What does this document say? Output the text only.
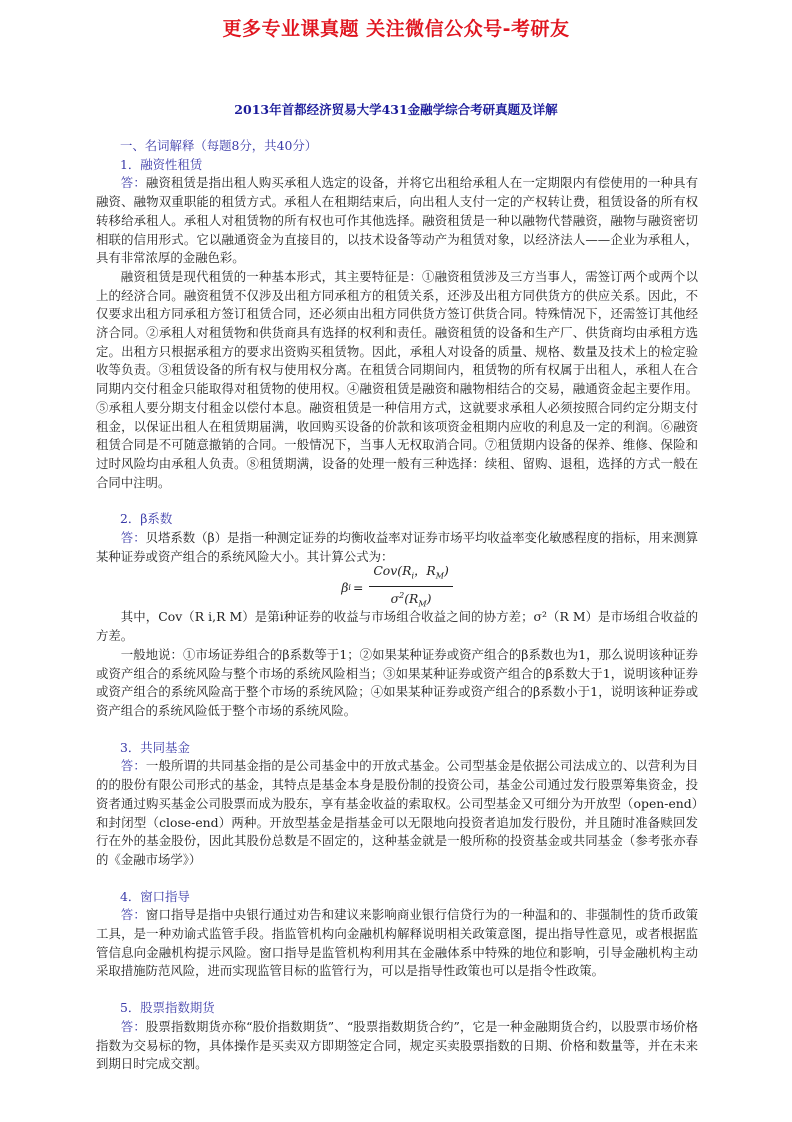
更多专业课真题 关注微信公众号-考研友
2013年首都经济贸易大学431金融学综合考研真题及详解
一、名词解释（每题8分，共40分）
1．融资性租赁

答：融资租赁是指出租人购买承租人选定的设备，并将它出租给承租人在一定期限内有偿使用的一种具有融资、融物双重职能的租赁方式。承租人在租期结束后，向出租人支付一定的产权转让费，租赁设备的所有权转移给承租人。承租人对租赁物的所有权也可作其他选择。融资租赁是一种以融物代替融资，融物与融资密切相联的信用形式。它以融通资金为直接目的，以技术设备等动产为租赁对象，以经济法人——企业为承租人，具有非常浓厚的金融色彩。

融资租赁是现代租赁的一种基本形式，其主要特征是：①融资租赁涉及三方当事人，需签订两个或两个以上的经济合同。融资租赁不仅涉及出租方同承租方的租赁关系，还涉及出租方同供货方的供应关系。因此，不仅要求出租方同承租方签订租赁合同，还必须由出租方同供货方签订供货合同。特殊情况下，还需签订其他经济合同。②承租人对租赁物和供货商具有选择的权利和责任。融资租赁的设备和生产厂、供货商均由承租方选定。出租方只根据承租方的要求出资购买租赁物。因此，承租人对设备的质量、规格、数量及技术上的检定验收等负责。③租赁设备的所有权与使用权分离。在租赁合同期间内，租赁物的所有权属于出租人，承租人在合同期内交付租金只能取得对租赁物的使用权。④融资租赁是融资和融物相结合的交易，融通资金起主要作用。⑤承租人要分期支付租金以偿付本息。融资租赁是一种信用方式，这就要求承租人必须按照合同约定分期支付租金，以保证出租人在租赁期届满，收回购买设备的价款和该项资金租期内应收的利息及一定的利润。⑥融资租赁合同是不可随意撤销的合同。一般情况下，当事人无权取消合同。⑦租赁期内设备的保养、维修、保险和过时风险均由承租人负责。⑧租赁期满，设备的处理一般有三种选择：续租、留购、退租，选择的方式一般在合同中注明。

2．β系数

答：贝塔系数（β）是指一种测定证券的均衡收益率对证券市场平均收益率变化敏感程度的指标，用来测算某种证券或资产组合的系统风险大小。其计算公式为：

β $i = \frac{Cov(R_i,R_M)}{\sigma^2(R_M)}$

其中，Cov（R i,R M）是第i种证券的收益与市场组合收益之间的协方差；σ²（R M）是市场组合收益的方差。

一般地说：①市场证券组合的β系数等于1；②如果某种证券或资产组合的β系数也为1，那么说明该种证券或资产组合的系统风险与整个市场的系统风险相当；③如果某种证券或资产组合的β系数大于1，说明该种证券或资产组合的系统风险高于整个市场的系统风险；④如果某种证券或资产组合的β系数小于1，说明该种证券或资产组合的系统风险低于整个市场的系统风险。

3．共同基金

答：一般所谓的共同基金指的是公司基金中的开放式基金。公司型基金是依据公司法成立的、以营利为目的的股份有限公司形式的基金，其特点是基金本身是股份制的投资公司，基金公司通过发行股票筹集资金，投资者通过购买基金公司股票而成为股东，享有基金收益的索取权。公司型基金又可细分为开放型（open-end）和封闭型（close-end）两种。开放型基金是指基金可以无限地向投资者追加发行股份，并且随时准备赎回发行在外的基金股份，因此其股份总数是不固定的，这种基金就是一般所称的投资基金或共同基金（参考张亦春的《金融市场学》）

4．窗口指导

答：窗口指导是指中央银行通过劝告和建议来影响商业银行信贷行为的一种温和的、非强制性的货币政策工具，是一种劝谕式监管手段。指监管机构向金融机构解释说明相关政策意图，提出指导性意见，或者根据监管信息向金融机构提示风险。窗口指导是监管机构利用其在金融体系中特殊的地位和影响，引导金融机构主动采取措施防范风险，进而实现监管目标的监管行为，可以是指导性政策也可以是指令性政策。

5．股票指数期货

答：股票指数期货亦称“股价指数期货”、“股票指数期货合约”，它是一种金融期货合约，以股票市场价格指数为交易标的物，具体操作是买卖双方即期签定合同，规定买卖股票指数的日期、价格和数量等，并在未来到期日时完成交割。
